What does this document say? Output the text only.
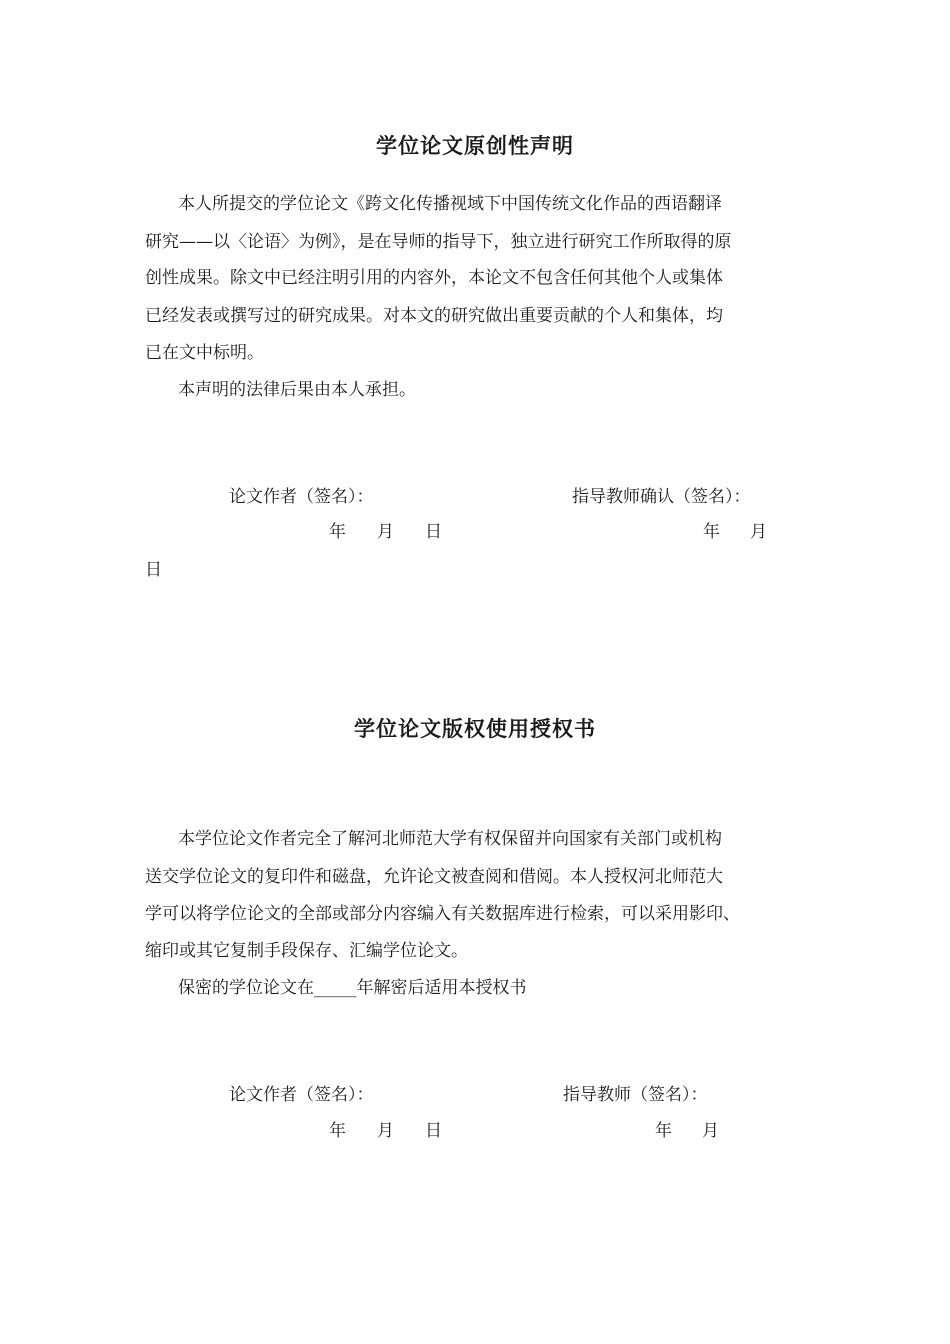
学位论文原创性声明
本人所提交的学位论文《跨文化传播视域下中国传统文化作品的西语翻译
研究——以〈论语〉为例》，是在导师的指导下，独立进行研究工作所取得的原
创性成果。除文中已经注明引用的内容外，本论文不包含任何其他个人或集体
已经发表或撰写过的研究成果。对本文的研究做出重要贡献的个人和集体，均
已在文中标明。
本声明的法律后果由本人承担。
论文作者（签名）：	指导教师确认（签名）：
年 月 日	年 月
日
学位论文版权使用授权书
本学位论文作者完全了解河北师范大学有权保留并向国家有关部门或机构
送交学位论文的复印件和磁盘，允许论文被查阅和借阅。本人授权河北师范大
学可以将学位论文的全部或部分内容编入有关数据库进行检索，可以采用影印、
缩印或其它复制手段保存、汇编学位论文。
保密的学位论文在_____年解密后适用本授权书
论文作者（签名）：	指导教师（签名）：
年 月 日	年 月
